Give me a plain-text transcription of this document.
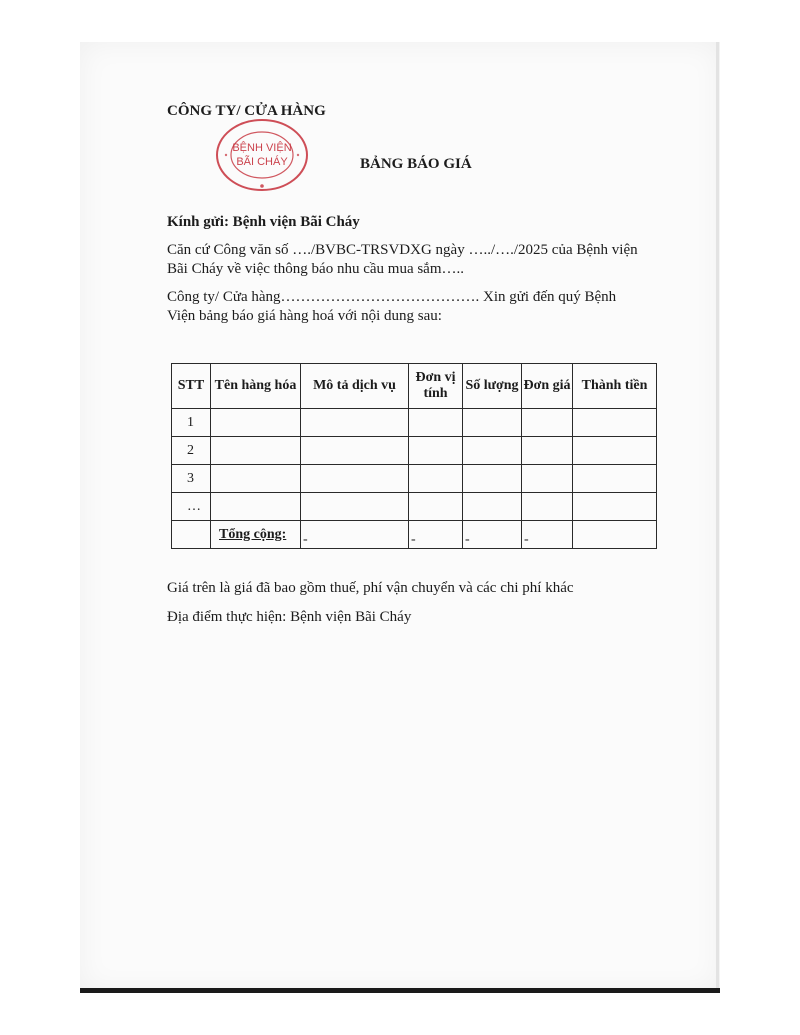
CÔNG TY/ CỬA HÀNG
BỆNH VIỆN
BÃI CHÁY	BẢNG BÁO GIÁ
Kính gửi: Bệnh viện Bãi Cháy
Căn cứ Công văn số …./BVBC-TRSVDXG ngày …../…./2025 của Bệnh viện Bãi Cháy về việc thông báo nhu cầu mua sắm…..
Công ty/ Cửa hàng…………………………………. Xin gửi đến quý Bệnh Viện bảng báo giá hàng hoá với nội dung sau:
STT	Tên hàng hóa	Mô tả dịch vụ	Đơn vị tính	Số lượng	Đơn giá	Thành tiền
1						
2						
3						
…						
	Tổng cộng:	-	-	-	-	
Giá trên là giá đã bao gồm thuế, phí vận chuyển và các chi phí khác
Địa điểm thực hiện: Bệnh viện Bãi Cháy
